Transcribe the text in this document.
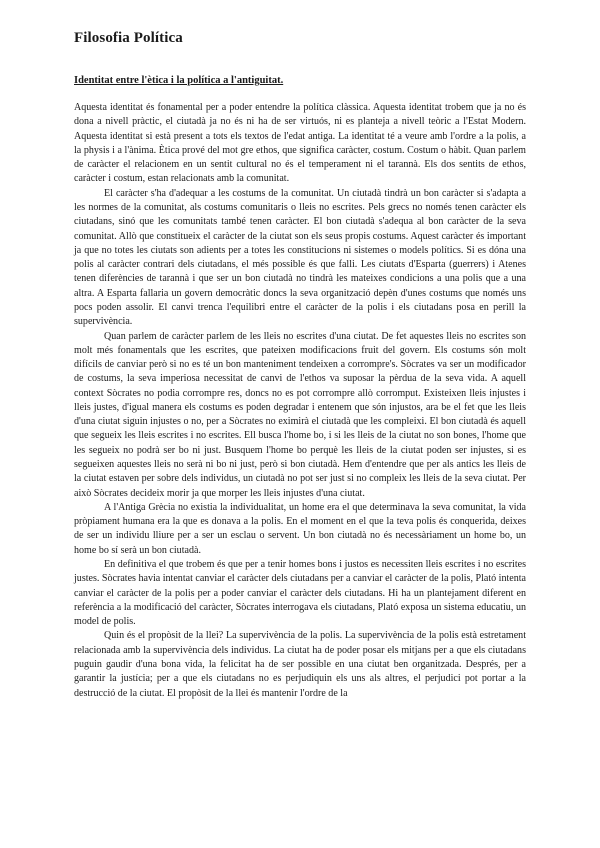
Filosofia Política
Identitat entre l'ètica i la política a l'antiguitat.

Aquesta identitat és fonamental per a poder entendre la política clàssica. Aquesta identitat trobem que ja no és dona a nivell pràctic, el ciutadà ja no és ni ha de ser virtuós, ni es planteja a nivell teòric a l'Estat Modern. Aquesta identitat si està present a tots els textos de l'edat antiga. La identitat té a veure amb l'ordre a la polis, a la physis i a l'ànima. Ètica prové del mot gre ethos, que significa caràcter, costum. Costum o hàbit. Quan parlem de caràcter el relacionem en un sentit cultural no és el temperament ni el tarannà. Els dos sentits de ethos, caràcter i costum, estan relacionats amb la comunitat.

El caràcter s'ha d'adequar a les costums de la comunitat. Un ciutadà tindrà un bon caràcter si s'adapta a les normes de la comunitat, als costums comunitaris o lleis no escrites. Pels grecs no només tenen caràcter els ciutadans, sinó que les comunitats també tenen caràcter. El bon ciutadà s'adequa al bon caràcter de la seva comunitat. Allò que constitueix el caràcter de la ciutat son els seus propis costums. Aquest caràcter és important ja que no totes les ciutats son adients per a totes les constitucions ni sistemes o models polítics. Si es dóna una polis al caràcter contrari dels ciutadans, el més possible és que falli. Les ciutats d'Esparta (guerrers) i Atenes tenen diferències de tarannà i que ser un bon ciutadà no tindrà les mateixes condicions a una polis que a una altra. A Esparta fallaria un govern democràtic doncs la seva organització depèn d'unes costums que només uns pocs poden assolir. El canvi trenca l'equilibri entre el caràcter de la polis i els ciutadans posa en perill la supervivència.

Quan parlem de caràcter parlem de les lleis no escrites d'una ciutat. De fet aquestes lleis no escrites son molt més fonamentals que les escrites, que pateixen modificacions fruit del govern. Els costums són molt difícils de canviar però si no es té un bon manteniment tendeixen a corrompre's. Sòcrates va ser un modificador de costums, la seva imperiosa necessitat de canvi de l'ethos va suposar la pèrdua de la seva vida. A aquell context Sòcrates no podia corrompre res, doncs no es pot corrompre allò corromput. Existeixen lleis injustes i lleis justes, d'igual manera els costums es poden degradar i entenem que són injustos, ara be el fet que les lleis d'una ciutat siguin injustes o no, per a Sòcrates no eximirà el ciutadà que les compleixi. El bon ciutadà és aquell que segueix les lleis escrites i no escrites. Ell busca l'home bo, i si les lleis de la ciutat no son bones, l'home que les segueix no podrà ser bo ni just. Busquem l'home bo perquè les lleis de la ciutat poden ser injustes, si es segueixen aquestes lleis no serà ni bo ni just, però si bon ciutadà. Hem d'entendre que per als antics les lleis de la ciutat estaven per sobre dels individus, un ciutadà no pot ser just si no compleix les lleis de la seva ciutat. Per això Sòcrates decideix morir ja que morper les lleis injustes d'una ciutat.

A l'Antiga Grècia no existia la individualitat, un home era el que determinava la seva comunitat, la vida pròpiament humana era la que es donava a la polis. En el moment en el que la teva polis és conquerida, deixes de ser un individu lliure per a ser un esclau o servent. Un bon ciutadà no és necessàriament un home bo, un home bo sí serà un bon ciutadà.

En definitiva el que trobem és que per a tenir homes bons i justos es necessiten lleis escrites i no escrites justes. Sòcrates havia intentat canviar el caràcter dels ciutadans per a canviar el caràcter de la polis, Plató intenta canviar el caràcter de la polis per a poder canviar el caràcter dels ciutadans. Hi ha un plantejament diferent en referència a la modificació del caràcter, Sòcrates interrogava els ciutadans, Plató exposa un sistema educatiu, un model de polis.

Quin és el propòsit de la llei? La supervivència de la polis. La supervivència de la polis està estretament relacionada amb la supervivència dels individus. La ciutat ha de poder posar els mitjans per a que els ciutadans puguin gaudir d'una bona vida, la felicitat ha de ser possible en una ciutat ben organitzada. Després, per a garantir la justícia; per a que els ciutadans no es perjudiquin els uns als altres, el perjudici pot portar a la destrucció de la ciutat. El propòsit de la llei és mantenir l'ordre de la
